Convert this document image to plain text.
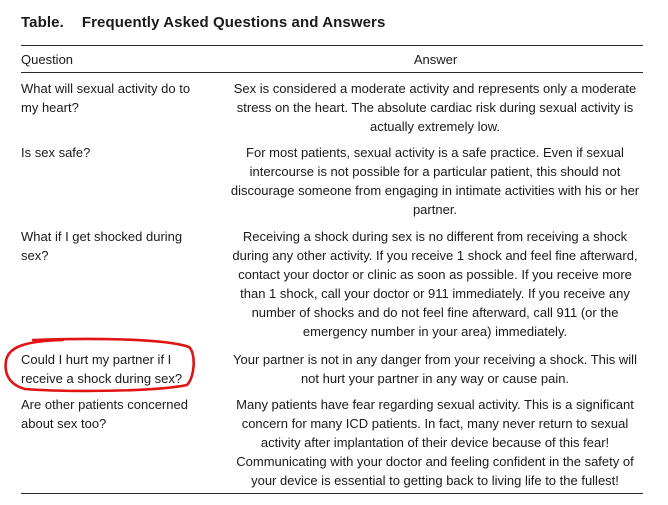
Table. Frequently Asked Questions and Answers
Question	Answer
What will sexual activity do to my heart?
Sex is considered a moderate activity and represents only a moderate stress on the heart. The absolute cardiac risk during sexual activity is actually extremely low.
Is sex safe?	For most patients, sexual activity is a safe practice. Even if sexual intercourse is not possible for a particular patient, this should not discourage someone from engaging in intimate activities with his or her partner.
What if I get shocked during sex?
Receiving a shock during sex is no different from receiving a shock during any other activity. If you receive 1 shock and feel fine afterward, contact your doctor or clinic as soon as possible. If you receive more than 1 shock, call your doctor or 911 immediately. If you receive any number of shocks and do not feel fine afterward, call 911 (or the emergency number in your area) immediately.
Could I hurt my partner if I receive a shock during sex?
Your partner is not in any danger from your receiving a shock. This will not hurt your partner in any way or cause pain.
Are other patients concerned about sex too?
Many patients have fear regarding sexual activity. This is a significant concern for many ICD patients. In fact, many never return to sexual activity after implantation of their device because of this fear! Communicating with your doctor and feeling confident in the safety of your device is essential to getting back to living life to the fullest!
